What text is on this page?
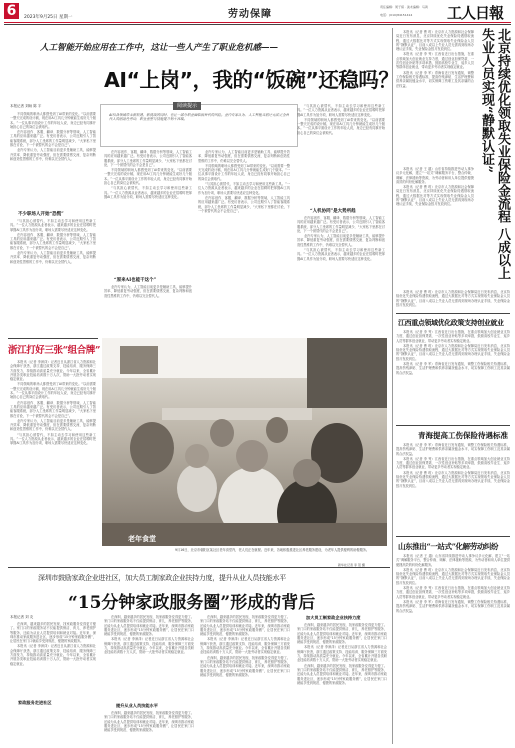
6	2023年9月25日 星期一	劳动保障
责任编辑：周子祺 · 美术编辑：马鸿
电话：(010)84151414 工人日報
人工智能开始应用在工作中，这让一些人产生了职业危机感——
AI“上岗”，我的“饭碗”还稳吗？
本报记者 刘旸 陈 宇	阅读提示
AI给各领域带来新机遇、新挑战的同时，也让一部分职业面临被替代的风险。业内专家认为，人工智能当前还无法完全替代人的创造性劳动，职业重塑与技能提升刻不容缓。

不同领域的职场人都感受到了AI带来的变化。“以前需要一整天完成的设计稿，现在用AI工具几分钟就能生成好几个版本。”一位从事平面设计工作的年轻人说，身边已经有同事开始担心自己的岗位会被取代。

在内容创作、客服、翻译、数据分析等领域，人工智能工具的应用越来越广泛。有受访者表示，公司近期引入了智能客服系统，部分人工坐席的工作量明显减少，“大家私下里都在讨论，下一个被替代的会不会是自己”。

业内专家认为，人工智能目前更多是辅助工具，能够提升效率、降低重复劳动强度，但在需要情感交流、复杂判断和创造性思维的工作中，仍难以完全替代人。

不少职场人开始“恐慌”

“与其担心被替代，不如主动去学习和使用这些新工具。”一位人力资源从业者表示，越来越多的企业在招聘时把掌握AI工具作为加分项，职场人需要尽快适应这种变化。

在内容创作、客服、翻译、数据分析等领域，人工智能工具的应用越来越广泛。有受访者表示，公司近期引入了智能客服系统，部分人工坐席的工作量明显减少，“大家私下里都在讨论，下一个被替代的会不会是自己”。

业内专家认为，人工智能目前更多是辅助工具，能够提升效率、降低重复劳动强度，但在需要情感交流、复杂判断和创造性思维的工作中，仍难以完全替代人。

在内容创作、客服、翻译、数据分析等领域，人工智能工具的应用越来越广泛。有受访者表示，公司近期引入了智能客服系统，部分人工坐席的工作量明显减少，“大家私下里都在讨论，下一个被替代的会不会是自己”。

不同领域的职场人都感受到了AI带来的变化。“以前需要一整天完成的设计稿，现在用AI工具几分钟就能生成好几个版本。”一位从事平面设计工作的年轻人说，身边已经有同事开始担心自己的岗位会被取代。

“与其担心被替代，不如主动去学习和使用这些新工具。”一位人力资源从业者表示，越来越多的企业在招聘时把掌握AI工具作为加分项，职场人需要尽快适应这种变化。

“原来AI也能干这个”

业内专家认为，人工智能目前更多是辅助工具，能够提升效率、降低重复劳动强度，但在需要情感交流、复杂判断和创造性思维的工作中，仍难以完全替代人。

业内专家认为，人工智能目前更多是辅助工具，能够提升效率、降低重复劳动强度，但在需要情感交流、复杂判断和创造性思维的工作中，仍难以完全替代人。

不同领域的职场人都感受到了AI带来的变化。“以前需要一整天完成的设计稿，现在用AI工具几分钟就能生成好几个版本。”一位从事平面设计工作的年轻人说，身边已经有同事开始担心自己的岗位会被取代。

“与其担心被替代，不如主动去学习和使用这些新工具。”一位人力资源从业者表示，越来越多的企业在招聘时把掌握AI工具作为加分项，职场人需要尽快适应这种变化。

在内容创作、客服、翻译、数据分析等领域，人工智能工具的应用越来越广泛。有受访者表示，公司近期引入了智能客服系统，部分人工坐席的工作量明显减少，“大家私下里都在讨论，下一个被替代的会不会是自己”。

“与其担心被替代，不如主动去学习和使用这些新工具。”一位人力资源从业者表示，越来越多的企业在招聘时把掌握AI工具作为加分项，职场人需要尽快适应这种变化。

不同领域的职场人都感受到了AI带来的变化。“以前需要一整天完成的设计稿，现在用AI工具几分钟就能生成好几个版本。”一位从事平面设计工作的年轻人说，身边已经有同事开始担心自己的岗位会被取代。

“人机协同”是大势所趋

在内容创作、客服、翻译、数据分析等领域，人工智能工具的应用越来越广泛。有受访者表示，公司近期引入了智能客服系统，部分人工坐席的工作量明显减少，“大家私下里都在讨论，下一个被替代的会不会是自己”。

业内专家认为，人工智能目前更多是辅助工具，能够提升效率、降低重复劳动强度，但在需要情感交流、复杂判断和创造性思维的工作中，仍难以完全替代人。

“与其担心被替代，不如主动去学习和使用这些新工具。”一位人力资源从业者表示，越来越多的企业在招聘时把掌握AI工具作为加分项，职场人需要尽快适应这种变化。

浙江打好三张“组合牌”

本报讯（记者 李润泽）记者近日从浙江省人力资源和社会保障厅获悉，浙江通过政策支持、技能培训、服务保障三方面发力，持续推动高质量充分就业。今年以来，全省累计开展各类职业技能培训数十万人次，帮助一大批劳动者实现稳定就业。

不同领域的职场人都感受到了AI带来的变化。“以前需要一整天完成的设计稿，现在用AI工具几分钟就能生成好几个版本。”一位从事平面设计工作的年轻人说，身边已经有同事开始担心自己的岗位会被取代。

在内容创作、客服、翻译、数据分析等领域，人工智能工具的应用越来越广泛。有受访者表示，公司近期引入了智能客服系统，部分人工坐席的工作量明显减少，“大家私下里都在讨论，下一个被替代的会不会是自己”。

业内专家认为，人工智能目前更多是辅助工具，能够提升效率、降低重复劳动强度，但在需要情感交流、复杂判断和创造性思维的工作中，仍难以完全替代人。

“与其担心被替代，不如主动去学习和使用这些新工具。”一位人力资源从业者表示，越来越多的企业在招聘时把掌握AI工具作为加分项，职场人需要尽快适应这种变化。

老年食堂
9月16日，北京市朝阳区某社区老年食堂内，老人们正在就餐。近年来，各地积极推进社区养老服务建设，为老年人提供便利的助餐服务。
新华社记者 李 贺 摄
深圳市鼓励家政企业进社区，加大员工制家政企业扶持力度，提升从业人员技能水平
“15分钟家政服务圈”形成的背后
本报记者 刘 友

在深圳，越来越多的居民发现，找家政服务变得更方便了。家门口的家政服务站不仅能提供保洁、育儿、养老照护等服务，还能为从业人员提供培训和就业对接。近年来，深圳市推动家政服务进社区，逐步形成“15分钟家政服务圈”，让居民在家门口就能享受到规范、便捷的家政服务。

本报讯（记者 李润泽）记者近日从浙江省人力资源和社会保障厅获悉，浙江通过政策支持、技能培训、服务保障三方面发力，持续推动高质量充分就业。今年以来，全省累计开展各类职业技能培训数十万人次，帮助一大批劳动者实现稳定就业。

家政服务走进社区

在深圳，越来越多的居民发现，找家政服务变得更方便了。家门口的家政服务站不仅能提供保洁、育儿、养老照护等服务，还能为从业人员提供培训和就业对接。近年来，深圳市推动家政服务进社区，逐步形成“15分钟家政服务圈”，让居民在家门口就能享受到规范、便捷的家政服务。

本报讯（记者 李润泽）记者近日从浙江省人力资源和社会保障厅获悉，浙江通过政策支持、技能培训、服务保障三方面发力，持续推动高质量充分就业。今年以来，全省累计开展各类职业技能培训数十万人次，帮助一大批劳动者实现稳定就业。

提升从业人员技能水平

在深圳，越来越多的居民发现，找家政服务变得更方便了。家门口的家政服务站不仅能提供保洁、育儿、养老照护等服务，还能为从业人员提供培训和就业对接。近年来，深圳市推动家政服务进社区，逐步形成“15分钟家政服务圈”，让居民在家门口就能享受到规范、便捷的家政服务。

在深圳，越来越多的居民发现，找家政服务变得更方便了。家门口的家政服务站不仅能提供保洁、育儿、养老照护等服务，还能为从业人员提供培训和就业对接。近年来，深圳市推动家政服务进社区，逐步形成“15分钟家政服务圈”，让居民在家门口就能享受到规范、便捷的家政服务。

本报讯（记者 李润泽）记者近日从浙江省人力资源和社会保障厅获悉，浙江通过政策支持、技能培训、服务保障三方面发力，持续推动高质量充分就业。今年以来，全省累计开展各类职业技能培训数十万人次，帮助一大批劳动者实现稳定就业。

在深圳，越来越多的居民发现，找家政服务变得更方便了。家门口的家政服务站不仅能提供保洁、育儿、养老照护等服务，还能为从业人员提供培训和就业对接。近年来，深圳市推动家政服务进社区，逐步形成“15分钟家政服务圈”，让居民在家门口就能享受到规范、便捷的家政服务。

加大员工制家政企业扶持力度

在深圳，越来越多的居民发现，找家政服务变得更方便了。家门口的家政服务站不仅能提供保洁、育儿、养老照护等服务，还能为从业人员提供培训和就业对接。近年来，深圳市推动家政服务进社区，逐步形成“15分钟家政服务圈”，让居民在家门口就能享受到规范、便捷的家政服务。

本报讯（记者 李润泽）记者近日从浙江省人力资源和社会保障厅获悉，浙江通过政策支持、技能培训、服务保障三方面发力，持续推动高质量充分就业。今年以来，全省累计开展各类职业技能培训数十万人次，帮助一大批劳动者实现稳定就业。

在深圳，越来越多的居民发现，找家政服务变得更方便了。家门口的家政服务站不仅能提供保洁、育儿、养老照护等服务，还能为从业人员提供培训和就业对接。近年来，深圳市推动家政服务进社区，逐步形成“15分钟家政服务圈”，让居民在家门口就能享受到规范、便捷的家政服务。

本报讯（记者 曹 玥）北京市人力资源和社会保障局近日发布消息，北京持续优化失业保险待遇领取流程，通过大数据比对等方式实现领取失业保险金人员的“静默认证”，目前八成以上失业人员无需再到现场办理认证手续，失业保险金按月发放到位。

本报讯（记者 李 秀）江西省近日出台措施，在重点领域加大创业就业支持力度，通过创业担保贷款、一次性创业补贴等多项举措，鼓励高校毕业生、返乡人员等群体创业就业，带动更多劳动者实现稳定就业。

本报讯（记者 李 军）青海省近日发布通知，调整工伤保险相关待遇标准，提高伤残津贴、生活护理费和供养亲属抚恤金水平，切实保障工伤职工及其亲属的合法权益。	北京持续优化领取失业保险金流程 八成以上失业人员实现“静默认证”

本报讯（记者 王 越）山东省持续推进劳动人事争议多元化解，建立“一站式”调解服务平台，整合仲裁、调解、法律援助等资源，为劳动者和用人单位提供便捷高效的纠纷化解服务。

本报讯（记者 曹 玥）北京市人力资源和社会保障局近日发布消息，北京持续优化失业保险待遇领取流程，通过大数据比对等方式实现领取失业保险金人员的“静默认证”，目前八成以上失业人员无需再到现场办理认证手续，失业保险金按月发放到位。

本报讯（记者 曹 玥）北京市人力资源和社会保障局近日发布消息，北京持续优化失业保险待遇领取流程，通过大数据比对等方式实现领取失业保险金人员的“静默认证”，目前八成以上失业人员无需再到现场办理认证手续，失业保险金按月发放到位。

江西重点领域优化政策支持创业就业

本报讯（记者 李 秀）江西省近日出台措施，在重点领域加大创业就业支持力度，通过创业担保贷款、一次性创业补贴等多项举措，鼓励高校毕业生、返乡人员等群体创业就业，带动更多劳动者实现稳定就业。

本报讯（记者 曹 玥）北京市人力资源和社会保障局近日发布消息，北京持续优化失业保险待遇领取流程，通过大数据比对等方式实现领取失业保险金人员的“静默认证”，目前八成以上失业人员无需再到现场办理认证手续，失业保险金按月发放到位。

本报讯（记者 李 军）青海省近日发布通知，调整工伤保险相关待遇标准，提高伤残津贴、生活护理费和供养亲属抚恤金水平，切实保障工伤职工及其亲属的合法权益。

青海提高工伤保险待遇标准

本报讯（记者 李 军）青海省近日发布通知，调整工伤保险相关待遇标准，提高伤残津贴、生活护理费和供养亲属抚恤金水平，切实保障工伤职工及其亲属的合法权益。

本报讯（记者 李 秀）江西省近日出台措施，在重点领域加大创业就业支持力度，通过创业担保贷款、一次性创业补贴等多项举措，鼓励高校毕业生、返乡人员等群体创业就业，带动更多劳动者实现稳定就业。

本报讯（记者 曹 玥）北京市人力资源和社会保障局近日发布消息，北京持续优化失业保险待遇领取流程，通过大数据比对等方式实现领取失业保险金人员的“静默认证”，目前八成以上失业人员无需再到现场办理认证手续，失业保险金按月发放到位。

山东推出“一站式”化解劳动纠纷

本报讯（记者 王 越）山东省持续推进劳动人事争议多元化解，建立“一站式”调解服务平台，整合仲裁、调解、法律援助等资源，为劳动者和用人单位提供便捷高效的纠纷化解服务。

本报讯（记者 曹 玥）北京市人力资源和社会保障局近日发布消息，北京持续优化失业保险待遇领取流程，通过大数据比对等方式实现领取失业保险金人员的“静默认证”，目前八成以上失业人员无需再到现场办理认证手续，失业保险金按月发放到位。

本报讯（记者 李 秀）江西省近日出台措施，在重点领域加大创业就业支持力度，通过创业担保贷款、一次性创业补贴等多项举措，鼓励高校毕业生、返乡人员等群体创业就业，带动更多劳动者实现稳定就业。

本报讯（记者 李 军）青海省近日发布通知，调整工伤保险相关待遇标准，提高伤残津贴、生活护理费和供养亲属抚恤金水平，切实保障工伤职工及其亲属的合法权益。
